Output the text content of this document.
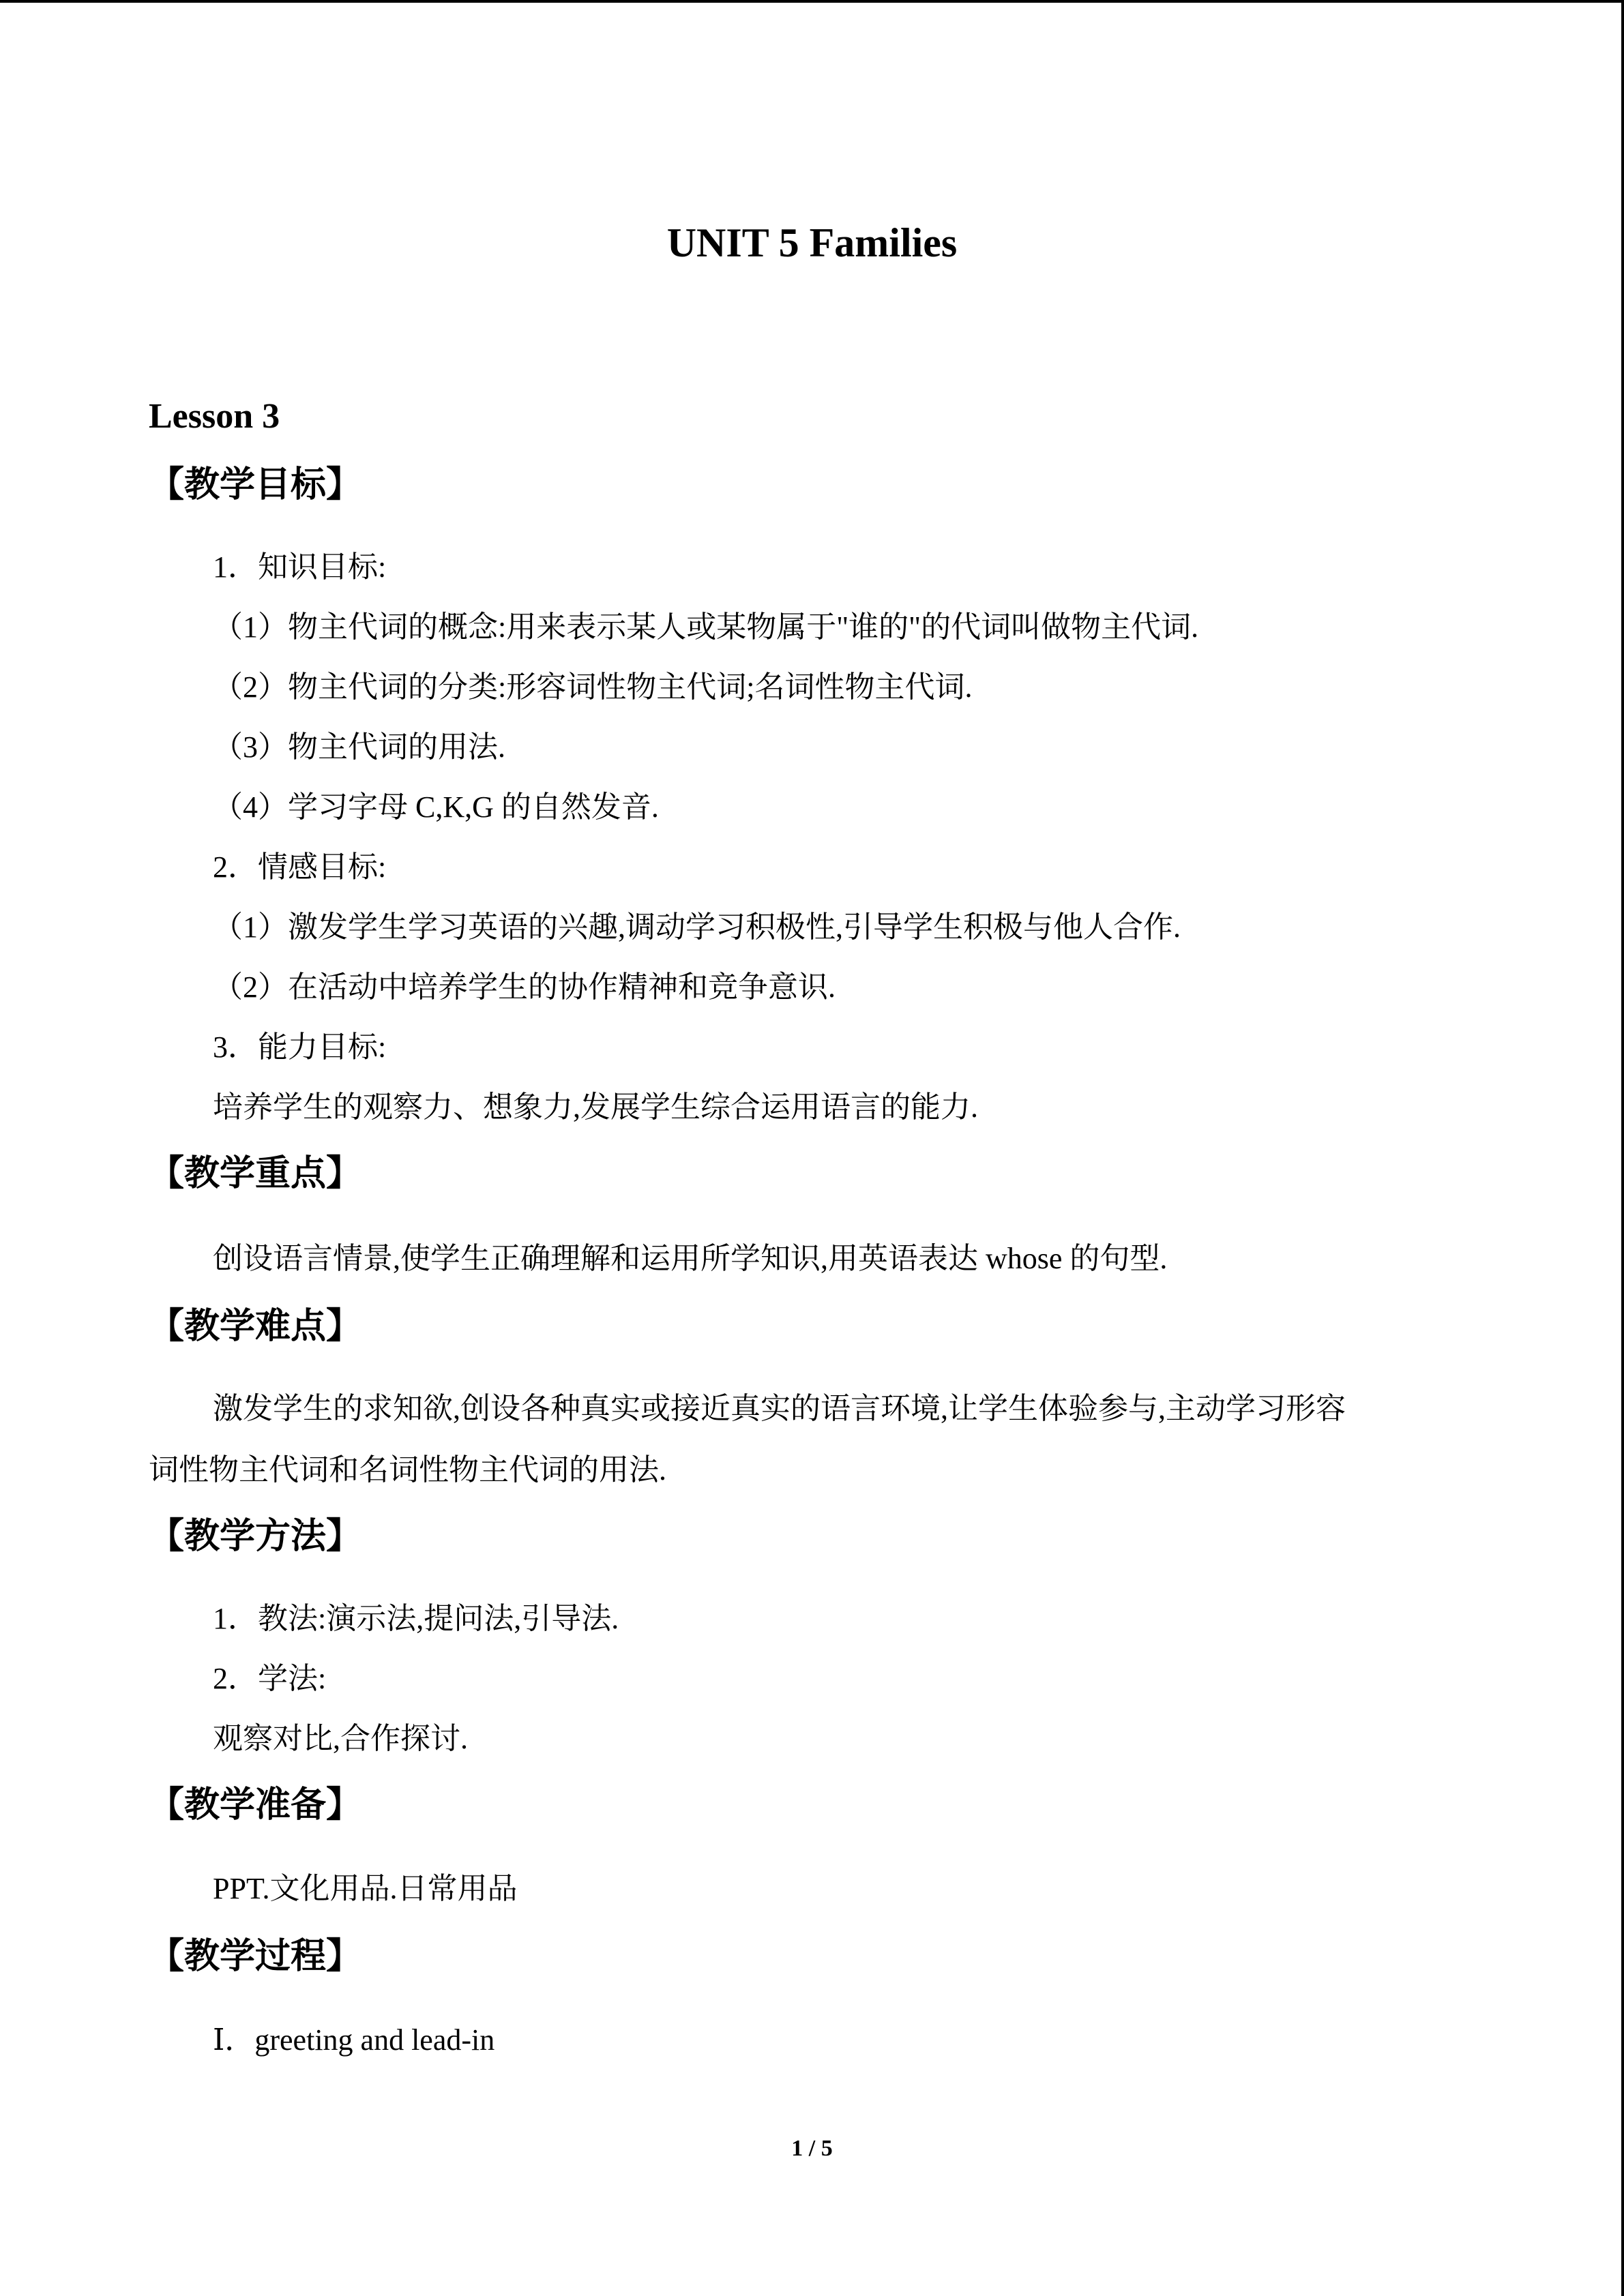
UNIT 5 Families
Lesson 3
【教学目标】
1．知识目标:
（1）物主代词的概念:用来表示某人或某物属于"谁的"的代词叫做物主代词.
（2）物主代词的分类:形容词性物主代词;名词性物主代词.
（3）物主代词的用法.
（4）学习字母 C,K,G 的自然发音.
2．情感目标:
（1）激发学生学习英语的兴趣,调动学习积极性,引导学生积极与他人合作.
（2）在活动中培养学生的协作精神和竞争意识.
3．能力目标:
培养学生的观察力、想象力,发展学生综合运用语言的能力.
【教学重点】
创设语言情景,使学生正确理解和运用所学知识,用英语表达 whose 的句型.
【教学难点】
激发学生的求知欲,创设各种真实或接近真实的语言环境,让学生体验参与,主动学习形容
词性物主代词和名词性物主代词的用法.
【教学方法】
1．教法:演示法,提问法,引导法.
2．学法:
观察对比,合作探讨.
【教学准备】
PPT.文化用品.日常用品
【教学过程】
Ⅰ．greeting and lead-in
1 / 5
